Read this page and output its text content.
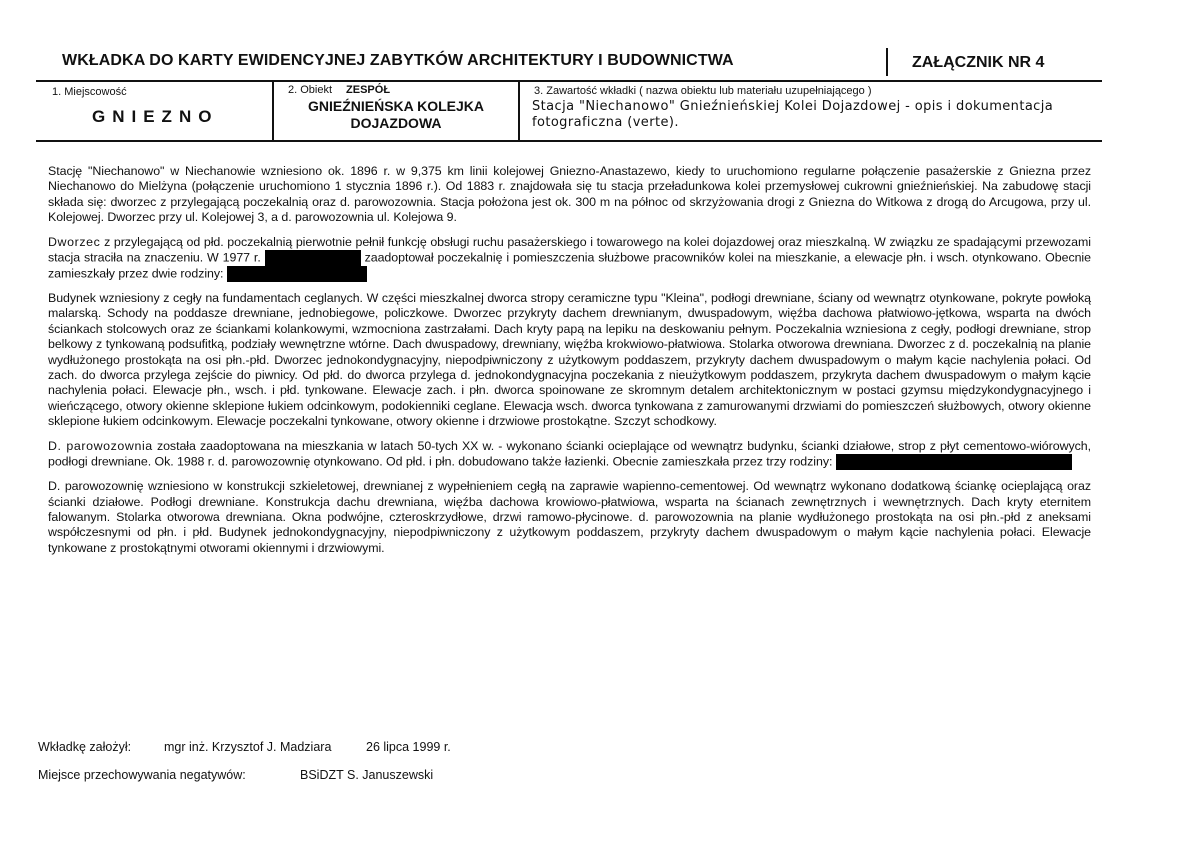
WKŁADKA DO KARTY EWIDENCYJNEJ ZABYTKÓW ARCHITEKTURY I BUDOWNICTWA	ZAŁĄCZNIK NR 4
1. Miejscowość
GNIEZNO
2. Obiekt ZESPÓŁ
GNIEŹNIEŃSKA KOLEJKA
DOJAZDOWA
3. Zawartość wkładki ( nazwa obiektu lub materiału uzupełniającego )
Stacja "Niechanowo" Gnieźnieńskiej Kolei Dojazdowej - opis i dokumentacja fotograficzna (verte).

Stację "Niechanowo" w Niechanowie wzniesiono ok. 1896 r. w 9,375 km linii kolejowej Gniezno-Anastazewo, kiedy to uruchomiono regularne połączenie pasażerskie z Gniezna przez Niechanowo do Mielżyna (połączenie uruchomiono 1 stycznia 1896 r.). Od 1883 r. znajdowała się tu stacja przeładunkowa kolei przemysłowej cukrowni gnieźnieńskiej. Na zabudowę stacji składa się: dworzec z przylegającą poczekalnią oraz d. parowozownia. Stacja położona jest ok. 300 m na północ od skrzyżowania drogi z Gniezna do Witkowa z drogą do Arcugowa, przy ul. Kolejowej. Dworzec przy ul. Kolejowej 3, a d. parowozownia ul. Kolejowa 9.

Dworzec z przylegającą od płd. poczekalnią pierwotnie pełnił funkcję obsługi ruchu pasażerskiego i towarowego na kolei dojazdowej oraz mieszkalną. W związku ze spadającymi przewozami stacja straciła na znaczeniu. W 1977 r.	zaadoptował poczekalnię i pomieszczenia służbowe pracowników kolei na mieszkanie, a elewacje płn. i wsch. otynkowano. Obecnie zamieszkały przez dwie rodziny:

Budynek wzniesiony z cegły na fundamentach ceglanych. W części mieszkalnej dworca stropy ceramiczne typu "Kleina", podłogi drewniane, ściany od wewnątrz otynkowane, pokryte powłoką malarską. Schody na poddasze drewniane, jednobiegowe, policzkowe. Dworzec przykryty dachem drewnianym, dwuspadowym, więźba dachowa płatwiowo-jętkowa, wsparta na dwóch ściankach stolcowych oraz ze ściankami kolankowymi, wzmocniona zastrzałami. Dach kryty papą na lepiku na deskowaniu pełnym. Poczekalnia wzniesiona z cegły, podłogi drewniane, strop belkowy z tynkowaną podsufitką, podziały wewnętrzne wtórne. Dach dwuspadowy, drewniany, więźba krokwiowo-płatwiowa. Stolarka otworowa drewniana. Dworzec z d. poczekalnią na planie wydłużonego prostokąta na osi płn.-płd. Dworzec jednokondygnacyjny, niepodpiwniczony z użytkowym poddaszem, przykryty dachem dwuspadowym o małym kącie nachylenia połaci. Od zach. do dworca przylega zejście do piwnicy. Od płd. do dworca przylega d. jednokondygnacyjna poczekania z nieużytkowym poddaszem, przykryta dachem dwuspadowym o małym kącie nachylenia połaci. Elewacje płn., wsch. i płd. tynkowane. Elewacje zach. i płn. dworca spoinowane ze skromnym detalem architektonicznym w postaci gzymsu międzykondygnacyjnego i wieńczącego, otwory okienne sklepione łukiem odcinkowym, podokienniki ceglane. Elewacja wsch. dworca tynkowana z zamurowanymi drzwiami do pomieszczeń służbowych, otwory okienne sklepione łukiem odcinkowym. Elewacje poczekalni tynkowane, otwory okienne i drzwiowe prostokątne. Szczyt schodkowy.

D. parowozownia została zaadoptowana na mieszkania w latach 50-tych XX w. - wykonano ścianki ocieplające od wewnątrz budynku, ścianki działowe, strop z płyt cementowo-wiórowych, podłogi drewniane. Ok. 1988 r. d. parowozownię otynkowano. Od płd. i płn. dobudowano także łazienki. Obecnie zamieszkała przez trzy rodziny:

D. parowozownię wzniesiono w konstrukcji szkieletowej, drewnianej z wypełnieniem cegłą na zaprawie wapienno-cementowej. Od wewnątrz wykonano dodatkową ściankę ocieplającą oraz ścianki działowe. Podłogi drewniane. Konstrukcja dachu drewniana, więźba dachowa krowiowo-płatwiowa, wsparta na ścianach zewnętrznych i wewnętrznych. Dach kryty eternitem falowanym. Stolarka otworowa drewniana. Okna podwójne, czteroskrzydłowe, drzwi ramowo-płycinowe. d. parowozownia na planie wydłużonego prostokąta na osi płn.-płd z aneksami współczesnymi od płn. i płd. Budynek jednokondygnacyjny, niepodpiwniczony z użytkowym poddaszem, przykryty dachem dwuspadowym o małym kącie nachylenia połaci. Elewacje tynkowane z prostokątnymi otworami okiennymi i drzwiowymi.

Wkładkę założył:	mgr inż. Krzysztof J. Madziara	26 lipca 1999 r.
Miejsce przechowywania negatywów:	BSiDZT S. Januszewski
